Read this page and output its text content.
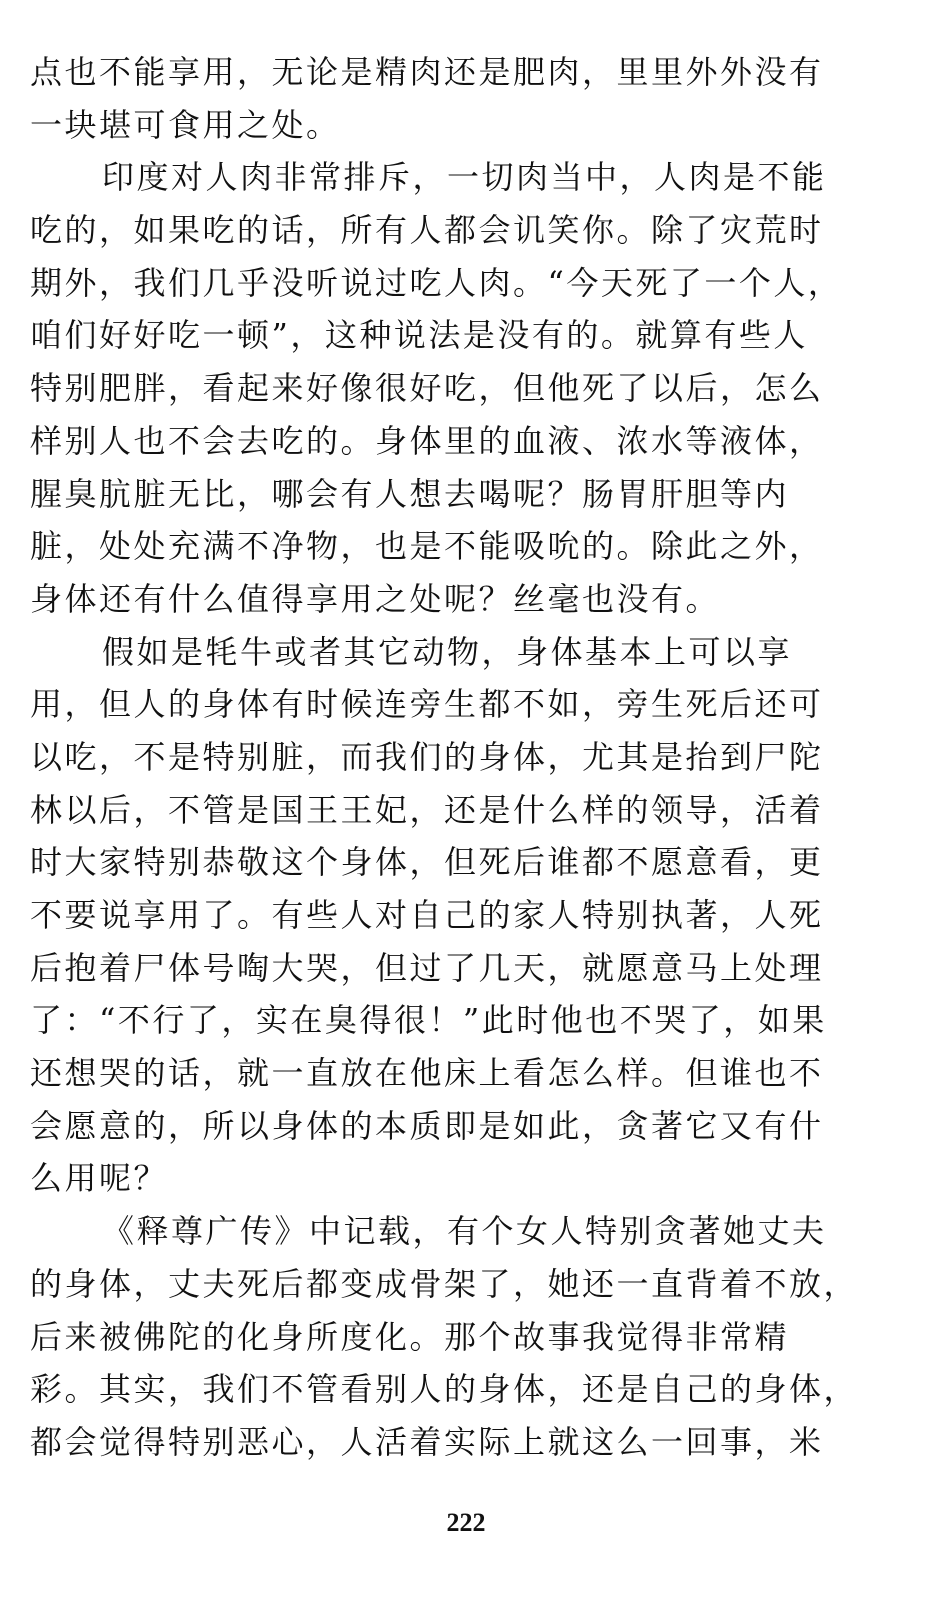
点也不能享用，无论是精肉还是肥肉，里里外外没有
一块堪可食用之处。
印度对人肉非常排斥，一切肉当中，人肉是不能
吃的，如果吃的话，所有人都会讥笑你。除了灾荒时
期外，我们几乎没听说过吃人肉。“今天死了一个人，
咱们好好吃一顿”，这种说法是没有的。就算有些人
特别肥胖，看起来好像很好吃，但他死了以后，怎么
样别人也不会去吃的。身体里的血液、浓水等液体，
腥臭肮脏无比，哪会有人想去喝呢？肠胃肝胆等内
脏，处处充满不净物，也是不能吸吮的。除此之外，
身体还有什么值得享用之处呢？丝毫也没有。
假如是牦牛或者其它动物，身体基本上可以享
用，但人的身体有时候连旁生都不如，旁生死后还可
以吃，不是特别脏，而我们的身体，尤其是抬到尸陀
林以后，不管是国王王妃，还是什么样的领导，活着
时大家特别恭敬这个身体，但死后谁都不愿意看，更
不要说享用了。有些人对自己的家人特别执著，人死
后抱着尸体号啕大哭，但过了几天，就愿意马上处理
了：“不行了，实在臭得很！”此时他也不哭了，如果
还想哭的话，就一直放在他床上看怎么样。但谁也不
会愿意的，所以身体的本质即是如此，贪著它又有什
么用呢？
《释尊广传》中记载，有个女人特别贪著她丈夫
的身体，丈夫死后都变成骨架了，她还一直背着不放，
后来被佛陀的化身所度化。那个故事我觉得非常精
彩。其实，我们不管看别人的身体，还是自己的身体，
都会觉得特别恶心，人活着实际上就这么一回事，米
222
